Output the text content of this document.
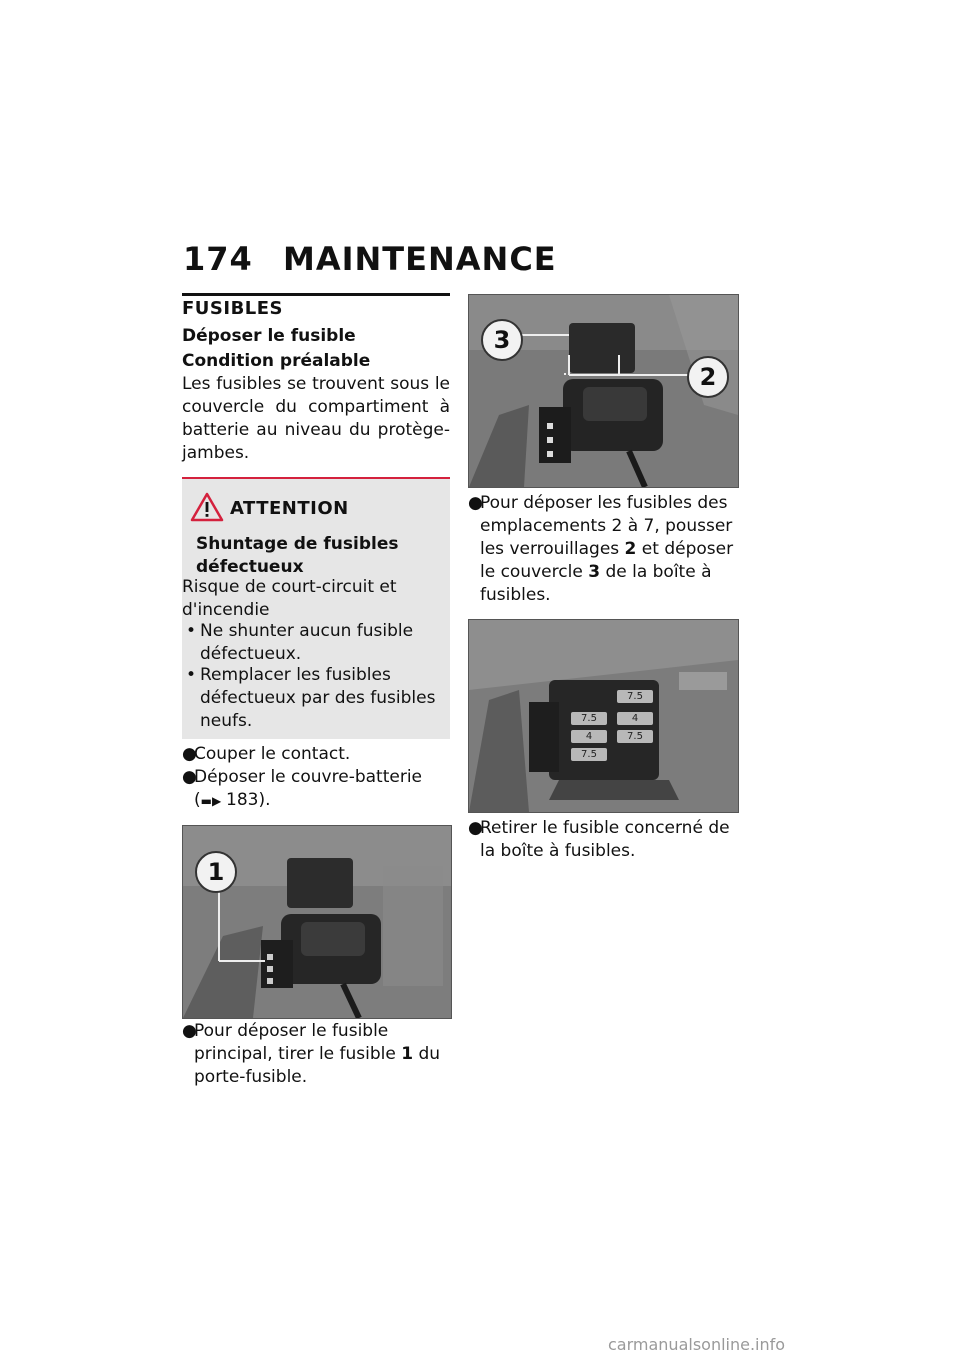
174 MAINTENANCE
FUSIBLES
Déposer le fusible
Condition préalable
Les fusibles se trouvent sous le couvercle du compartiment à batterie au niveau du protège-jambes.
ATTENTION
Shuntage de fusibles défectueux
Risque de court-circuit et d'incendie
• Ne shunter aucun fusible défectueux.
• Remplacer les fusibles défectueux par des fusibles neufs.
●
Couper le contact.
●
Déposer le couvre-batterie
(▬▶ 183).
1
●
Pour déposer le fusible principal, tirer le fusible 1 du porte-fusible.
3
2
●
Pour déposer les fusibles des emplacements 2 à 7, pousser les verrouillages 2 et déposer le couvercle 3 de la boîte à fusibles.
7.5
7.5	4
4	7.5
7.5
●
Retirer le fusible concerné de la boîte à fusibles.
carmanualsonline.info
